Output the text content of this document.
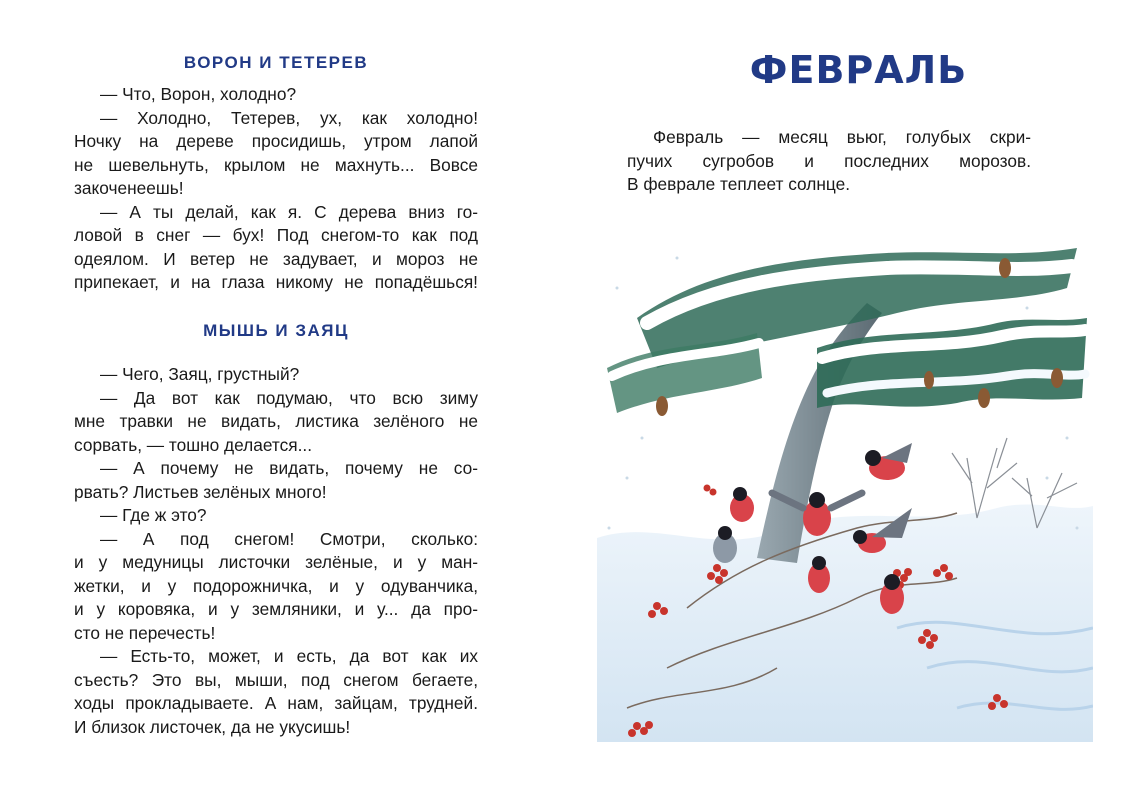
ВОРОН И ТЕТЕРЕВ
— Что, Ворон, холодно?
— Холодно, Тетерев, ух, как холодно!
Ночку на дереве просидишь, утром лапой
не шевельнуть, крылом не махнуть... Вовсе
закоченеешь!
— А ты делай, как я. С дерева вниз го-
ловой в снег — бух! Под снегом-то как под
одеялом. И ветер не задувает, и мороз не
припекает, и на глаза никому не попадёшься!
МЫШЬ И ЗАЯЦ
— Чего, Заяц, грустный?
— Да вот как подумаю, что всю зиму
мне травки не видать, листика зелёного не
сорвать, — тошно делается...
— А почему не видать, почему не со-
рвать? Листьев зелёных много!
— Где ж это?
— А под снегом! Смотри, сколько:
и у медуницы листочки зелёные, и у ман-
жетки, и у подорожничка, и у одуванчика,
и у коровяка, и у земляники, и у... да про-
сто не перечесть!
— Есть-то, может, и есть, да вот как их
съесть? Это вы, мыши, под снегом бегаете,
ходы прокладываете. А нам, зайцам, трудней.
И близок листочек, да не укусишь!
ФЕВРАЛЬ
Февраль — месяц вьюг, голубых скри-
пучих сугробов и последних морозов.
В феврале теплеет солнце.
